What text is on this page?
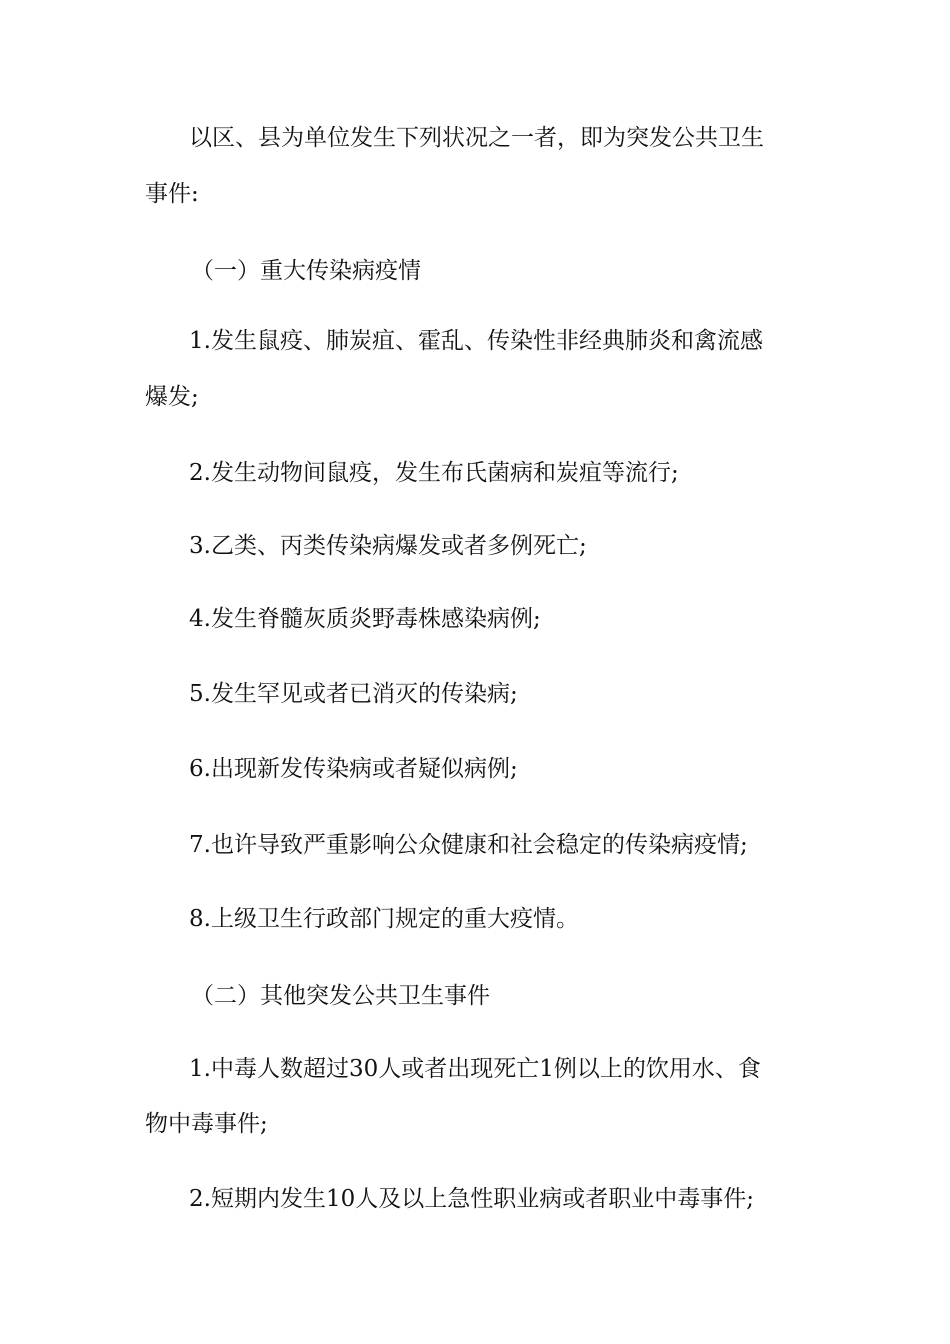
以区、县为单位发生下列状况之一者，即为突发公共卫生
事件:
（一）重大传染病疫情
1.发生鼠疫、肺炭疽、霍乱、传染性非经典肺炎和禽流感
爆发;
2.发生动物间鼠疫，发生布氏菌病和炭疽等流行;
3.乙类、丙类传染病爆发或者多例死亡;
4.发生脊髓灰质炎野毒株感染病例;
5.发生罕见或者已消灭的传染病;
6.出现新发传染病或者疑似病例;
7.也许导致严重影响公众健康和社会稳定的传染病疫情;
8.上级卫生行政部门规定的重大疫情。
（二）其他突发公共卫生事件
1.中毒人数超过30人或者出现死亡1例以上的饮用水、食
物中毒事件;
2.短期内发生10人及以上急性职业病或者职业中毒事件;
